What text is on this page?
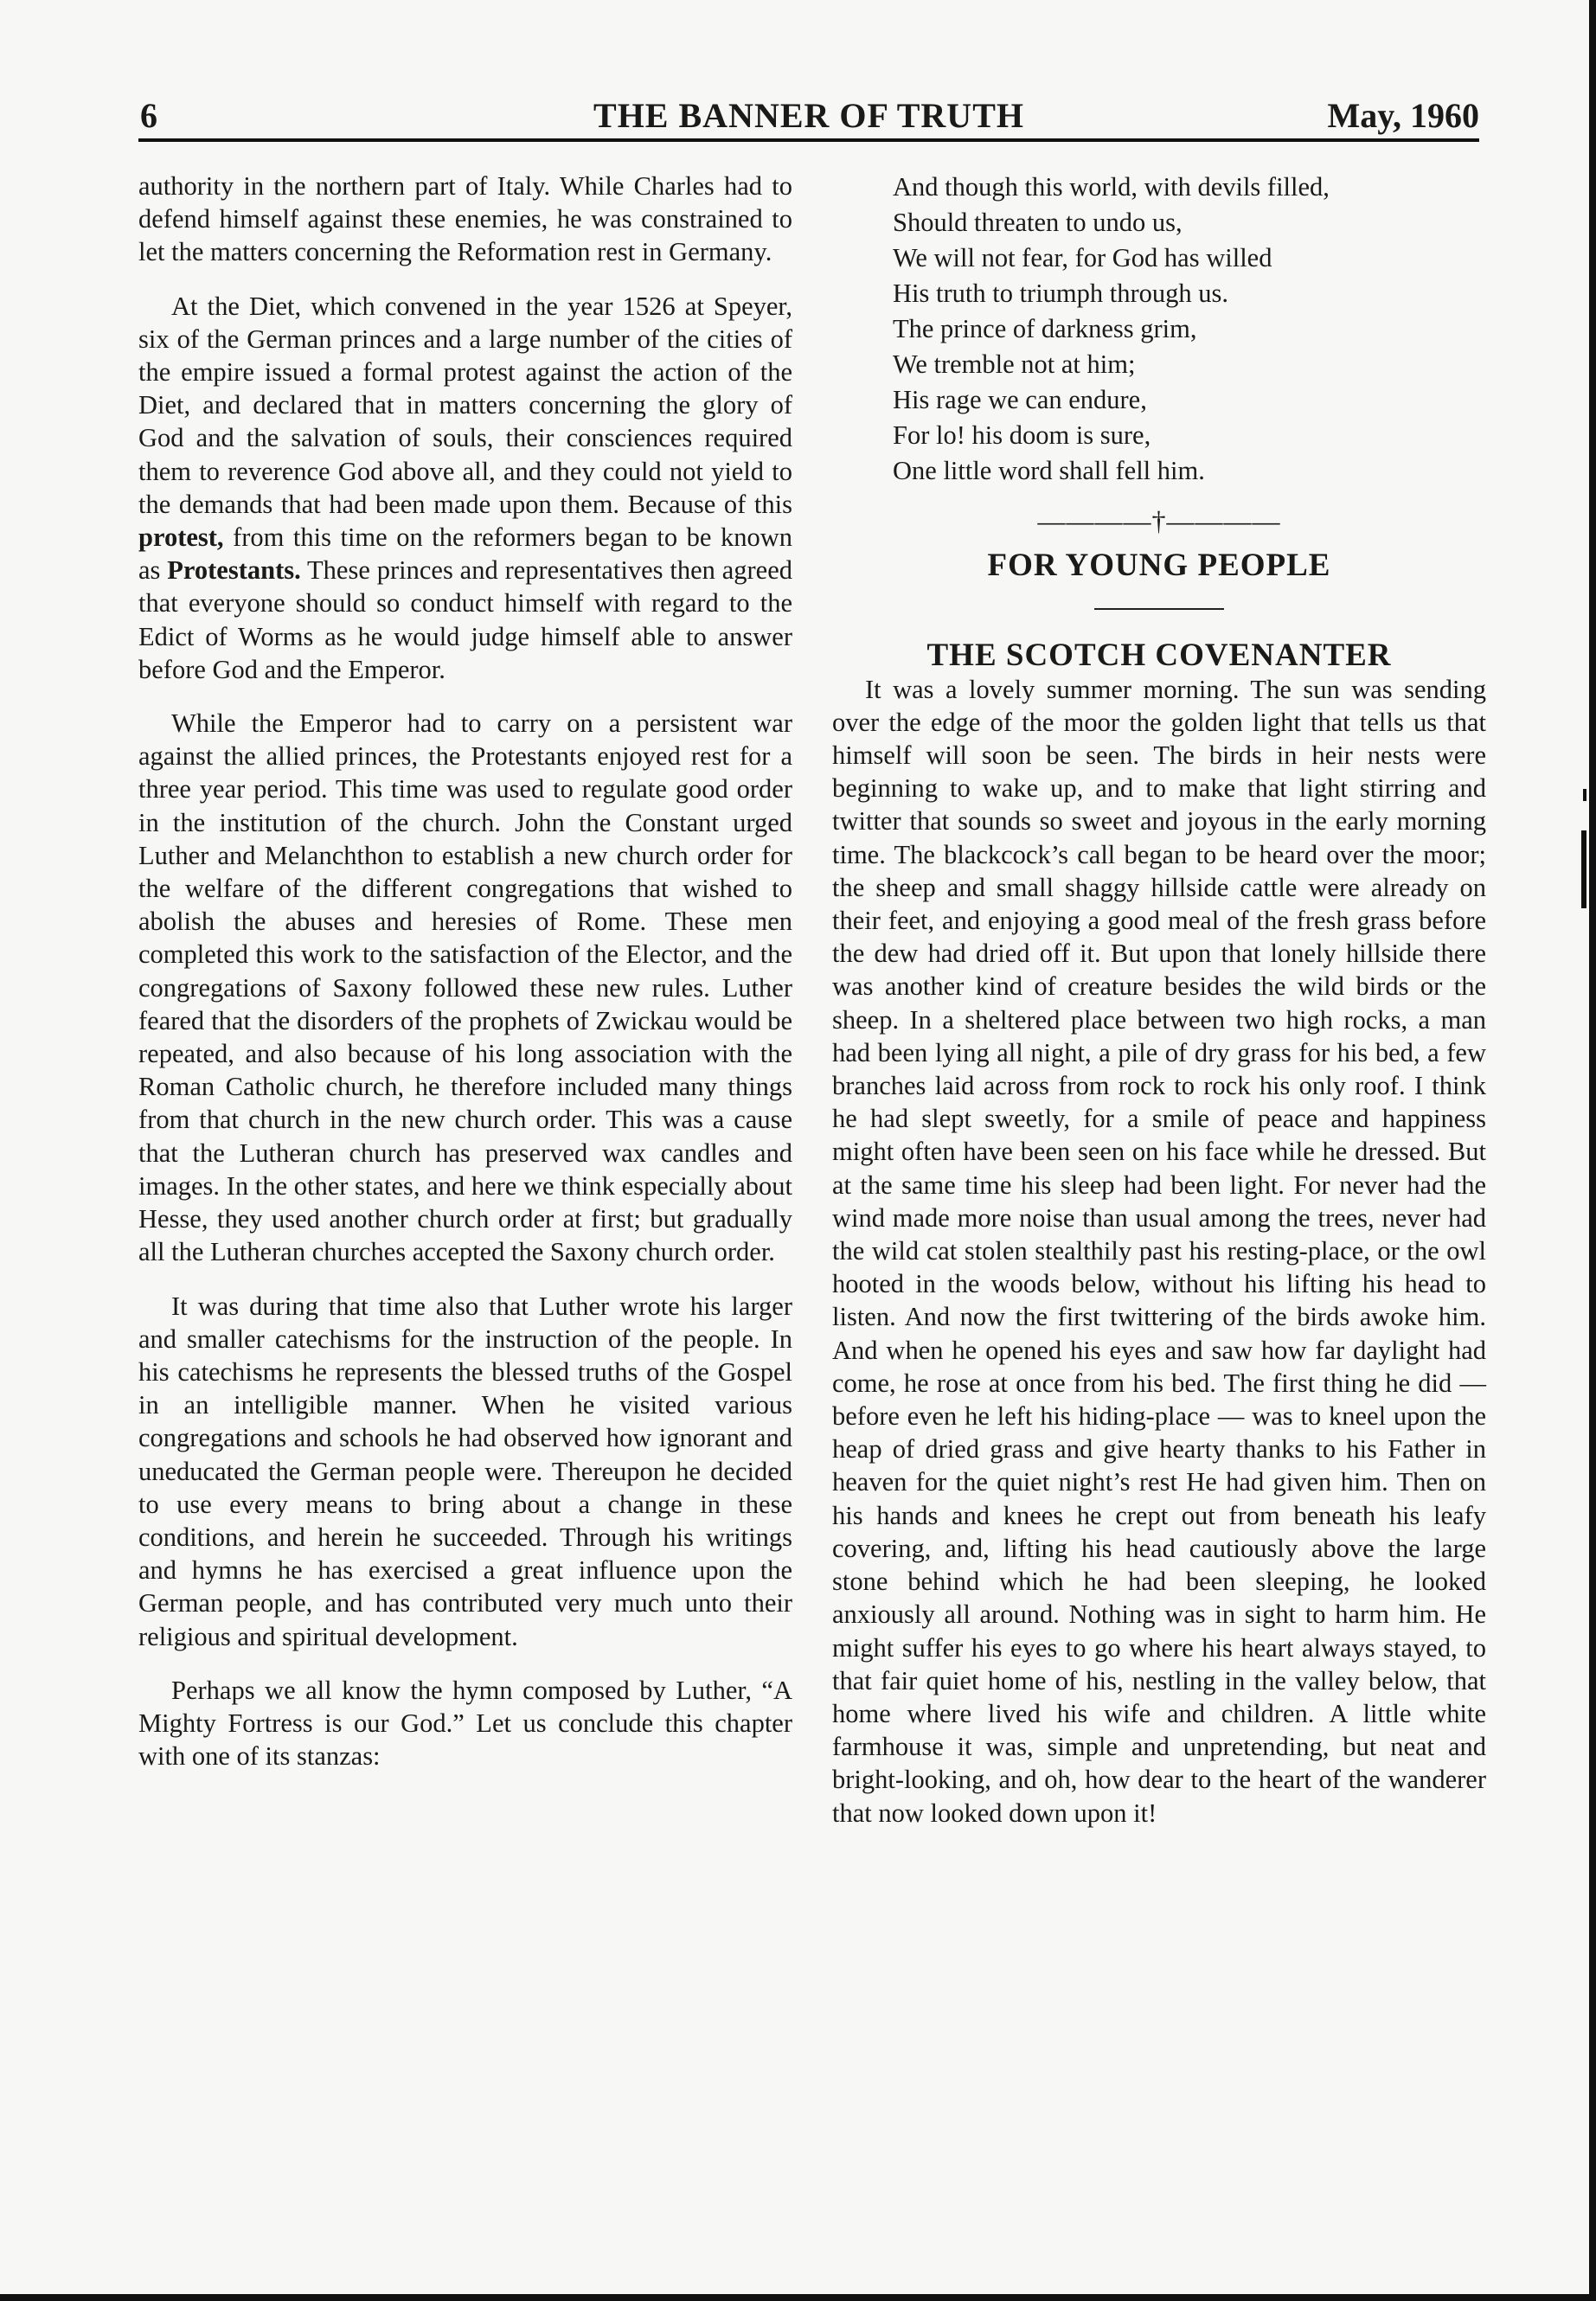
6	THE BANNER OF TRUTH	May, 1960

authority in the northern part of Italy. While Charles had to defend himself against these enemies, he was constrained to let the matters concerning the Reformation rest in Germany.

At the Diet, which convened in the year 1526 at Speyer, six of the German princes and a large number of the cities of the empire issued a formal protest against the action of the Diet, and declared that in matters concerning the glory of God and the salvation of souls, their consciences required them to reverence God above all, and they could not yield to the demands that had been made upon them. Because of this protest, from this time on the reformers began to be known as Protestants. These princes and representatives then agreed that everyone should so conduct himself with regard to the Edict of Worms as he would judge himself able to answer before God and the Emperor.

While the Emperor had to carry on a persistent war against the allied princes, the Protestants enjoyed rest for a three year period. This time was used to regulate good order in the institution of the church. John the Constant urged Luther and Melanchthon to establish a new church order for the welfare of the different congregations that wished to abolish the abuses and heresies of Rome. These men completed this work to the satisfaction of the Elector, and the congregations of Saxony followed these new rules. Luther feared that the disorders of the prophets of Zwickau would be repeated, and also because of his long association with the Roman Catholic church, he therefore included many things from that church in the new church order. This was a cause that the Lutheran church has preserved wax candles and images. In the other states, and here we think especially about Hesse, they used another church order at first; but gradually all the Lutheran churches accepted the Saxony church order.

It was during that time also that Luther wrote his larger and smaller catechisms for the instruction of the people. In his catechisms he represents the blessed truths of the Gospel in an intelligible manner. When he visited various congregations and schools he had observed how ignorant and uneducated the German people were. Thereupon he decided to use every means to bring about a change in these conditions, and herein he succeeded. Through his writings and hymns he has exercised a great influence upon the German people, and has contributed very much unto their religious and spiritual development.

Perhaps we all know the hymn composed by Luther, “A Mighty Fortress is our God.” Let us conclude this chapter with one of its stanzas:

And though this world, with devils filled,
Should threaten to undo us,
We will not fear, for God has willed
His truth to triumph through us.
The prince of darkness grim,
We tremble not at him;
His rage we can endure,
For lo! his doom is sure,
One little word shall fell him.
————†————
FOR YOUNG PEOPLE
THE SCOTCH COVENANTER

It was a lovely summer morning. The sun was sending over the edge of the moor the golden light that tells us that himself will soon be seen. The birds in heir nests were beginning to wake up, and to make that light stirring and twitter that sounds so sweet and joyous in the early morning time. The blackcock’s call began to be heard over the moor; the sheep and small shaggy hillside cattle were already on their feet, and enjoying a good meal of the fresh grass before the dew had dried off it. But upon that lonely hillside there was another kind of creature besides the wild birds or the sheep. In a sheltered place between two high rocks, a man had been lying all night, a pile of dry grass for his bed, a few branches laid across from rock to rock his only roof. I think he had slept sweetly, for a smile of peace and happiness might often have been seen on his face while he dressed. But at the same time his sleep had been light. For never had the wind made more noise than usual among the trees, never had the wild cat stolen stealthily past his resting-place, or the owl hooted in the woods below, without his lifting his head to listen. And now the first twittering of the birds awoke him. And when he opened his eyes and saw how far daylight had come, he rose at once from his bed. The first thing he did — before even he left his hiding-place — was to kneel upon the heap of dried grass and give hearty thanks to his Father in heaven for the quiet night’s rest He had given him. Then on his hands and knees he crept out from beneath his leafy covering, and, lifting his head cautiously above the large stone behind which he had been sleeping, he looked anxiously all around. Nothing was in sight to harm him. He might suffer his eyes to go where his heart always stayed, to that fair quiet home of his, nestling in the valley below, that home where lived his wife and children. A little white farmhouse it was, simple and unpretending, but neat and bright-looking, and oh, how dear to the heart of the wanderer that now looked down upon it!
